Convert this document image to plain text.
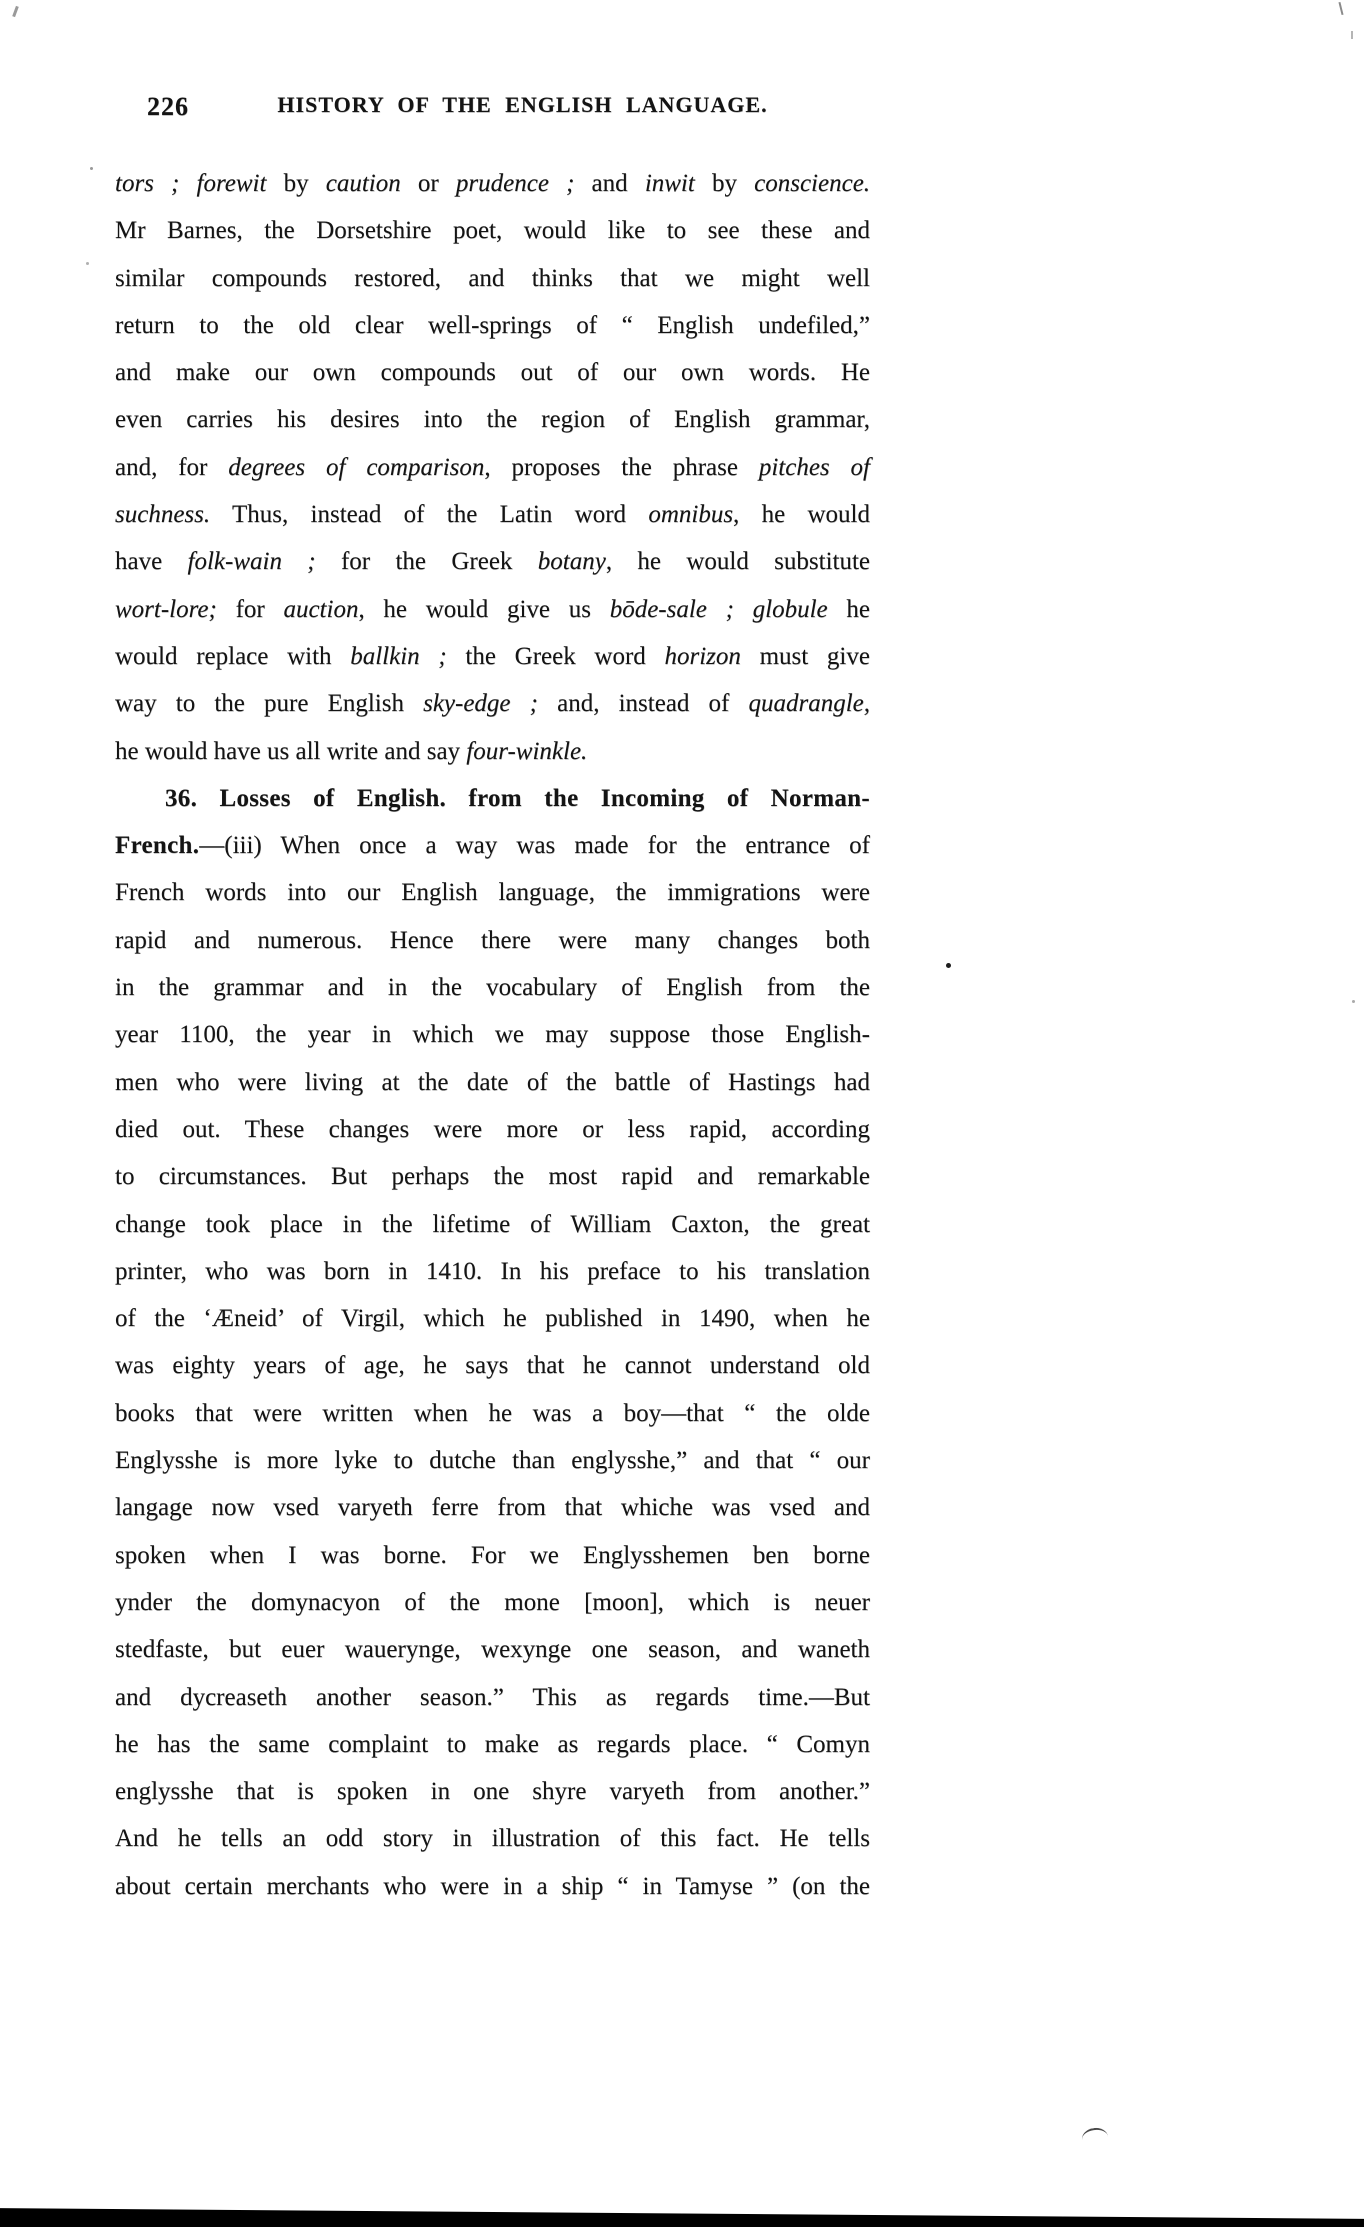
226	HISTORY OF THE ENGLISH LANGUAGE.
tors ; forewit by caution or prudence ; and inwit by conscience.
Mr Barnes, the Dorsetshire poet, would like to see these and
similar compounds restored, and thinks that we might well
return to the old clear well-springs of “ English undefiled,”
and make our own compounds out of our own words. He
even carries his desires into the region of English grammar,
and, for degrees of comparison, proposes the phrase pitches of
suchness. Thus, instead of the Latin word omnibus, he would
have folk-wain ; for the Greek botany, he would substitute
wort-lore; for auction, he would give us bōde-sale ; globule he
would replace with ballkin ; the Greek word horizon must give
way to the pure English sky-edge ; and, instead of quadrangle,
he would have us all write and say four-winkle.
36. Losses of English. from the Incoming of Norman-
French.—(iii) When once a way was made for the entrance of
French words into our English language, the immigrations were
rapid and numerous. Hence there were many changes both
in the grammar and in the vocabulary of English from the
year 1100, the year in which we may suppose those English-
men who were living at the date of the battle of Hastings had
died out. These changes were more or less rapid, according
to circumstances. But perhaps the most rapid and remarkable
change took place in the lifetime of William Caxton, the great
printer, who was born in 1410. In his preface to his translation
of the ‘Æneid’ of Virgil, which he published in 1490, when he
was eighty years of age, he says that he cannot understand old
books that were written when he was a boy—that “ the olde
Englysshe is more lyke to dutche than englysshe,” and that “ our
langage now vsed varyeth ferre from that whiche was vsed and
spoken when I was borne. For we Englysshemen ben borne
ynder the domynacyon of the mone [moon], which is neuer
stedfaste, but euer wauerynge, wexynge one season, and waneth
and dycreaseth another season.” This as regards time.—But
he has the same complaint to make as regards place. “ Comyn
englysshe that is spoken in one shyre varyeth from another.”
And he tells an odd story in illustration of this fact. He tells
about certain merchants who were in a ship “ in Tamyse ” (on the
